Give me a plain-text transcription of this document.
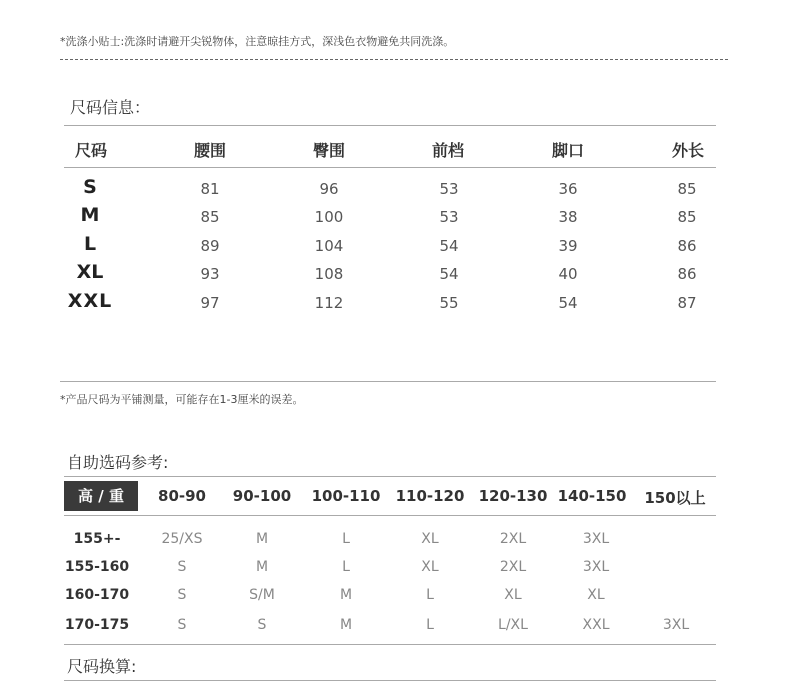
*洗涤小贴士:洗涤时请避开尖锐物体，注意晾挂方式，深浅色衣物避免共同洗涤。
尺码信息：
尺码	腰围	臀围	前档	脚口	外长
S	81	96	53	36	85
M	85	100	53	38	85
L	89	104	54	39	86
XL	93	108	54	40	86
XXL	97	112	55	54	87
*产品尺码为平铺测量，可能存在1-3厘米的误差。
自助选码参考:
高 / 重	80-90 90-100 100-110 110-120 120-130 140-150 150以上
155+-	25/XS	M	L	XL	2XL	3XL
155-160	S	M	L	XL	2XL	3XL
160-170	S	S/M	M	L	XL	XL
170-175	S	S	M	L	L/XL	XXL	3XL
尺码换算:
